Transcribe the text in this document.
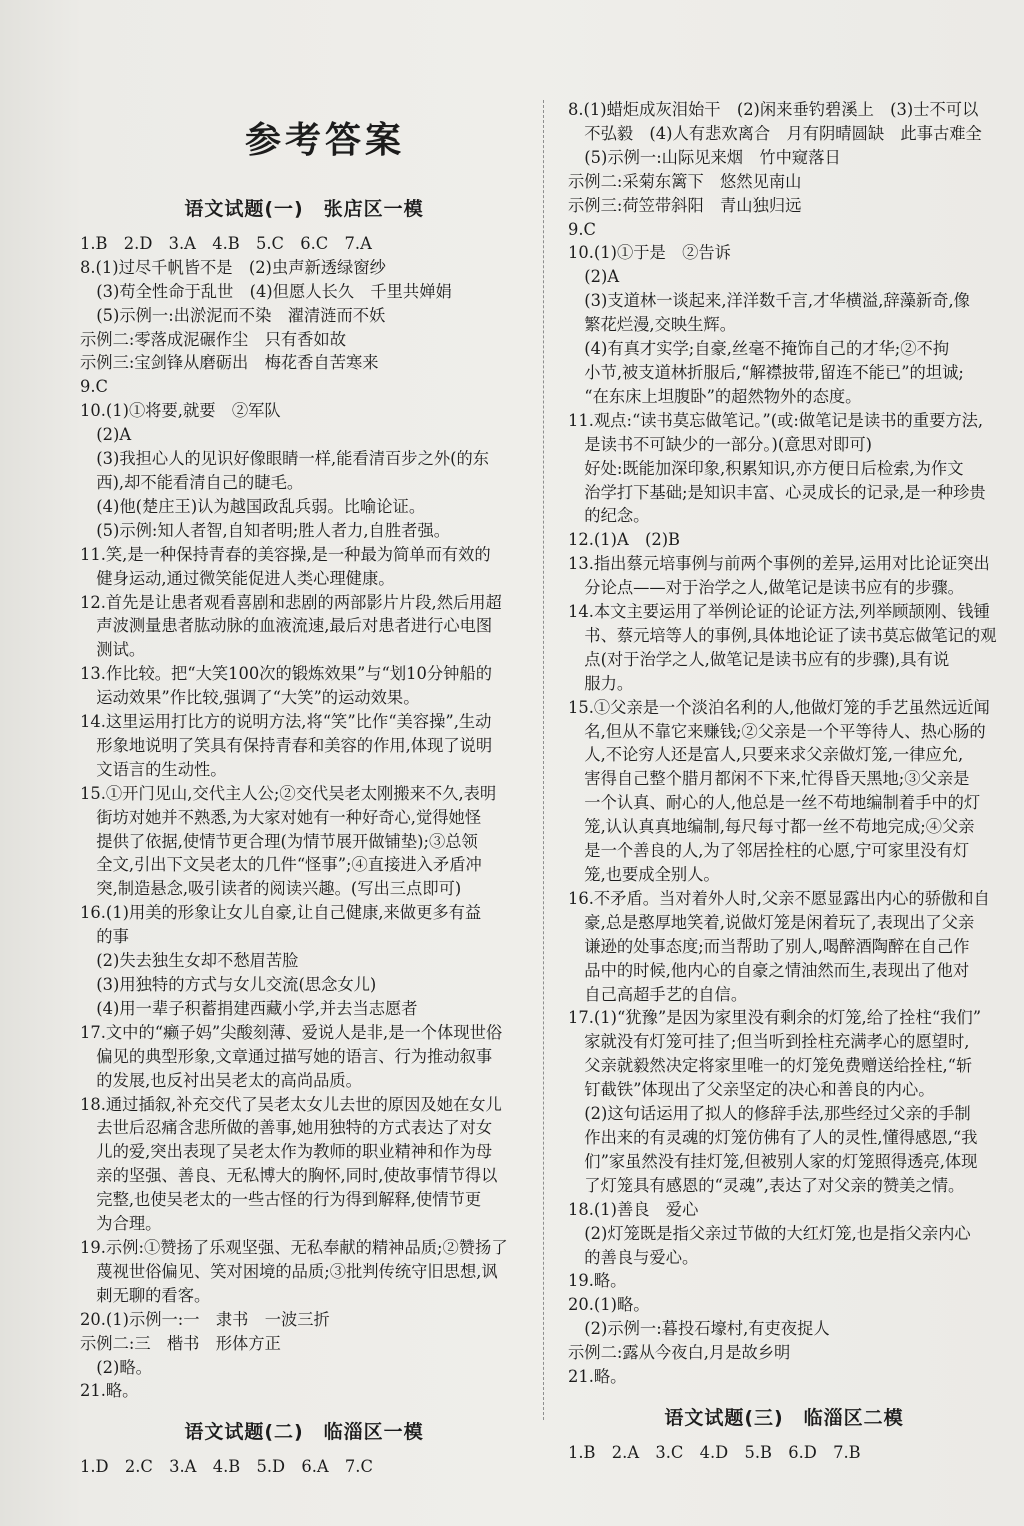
参考答案
语文试题(一)　张店区一模
1.B　2.D　3.A　4.B　5.C　6.C　7.A
8.(1)过尽千帆皆不是　(2)虫声新透绿窗纱
　(3)苟全性命于乱世　(4)但愿人长久　千里共婵娟
　(5)示例一:出淤泥而不染　濯清涟而不妖
示例二:零落成泥碾作尘　只有香如故
示例三:宝剑锋从磨砺出　梅花香自苦寒来
9.C
10.(1)①将要,就要　②军队
　(2)A
　(3)我担心人的见识好像眼睛一样,能看清百步之外(的东
　西),却不能看清自己的睫毛。
　(4)他(楚庄王)认为越国政乱兵弱。比喻论证。
　(5)示例:知人者智,自知者明;胜人者力,自胜者强。
11.笑,是一种保持青春的美容操,是一种最为简单而有效的
　健身运动,通过微笑能促进人类心理健康。
12.首先是让患者观看喜剧和悲剧的两部影片片段,然后用超
　声波测量患者肱动脉的血液流速,最后对患者进行心电图
　测试。
13.作比较。把“大笑100次的锻炼效果”与“划10分钟船的
　运动效果”作比较,强调了“大笑”的运动效果。
14.这里运用打比方的说明方法,将“笑”比作“美容操”,生动
　形象地说明了笑具有保持青春和美容的作用,体现了说明
　文语言的生动性。
15.①开门见山,交代主人公;②交代吴老太刚搬来不久,表明
　街坊对她并不熟悉,为大家对她有一种好奇心,觉得她怪
　提供了依据,使情节更合理(为情节展开做铺垫);③总领
　全文,引出下文吴老太的几件“怪事”;④直接进入矛盾冲
　突,制造悬念,吸引读者的阅读兴趣。(写出三点即可)
16.(1)用美的形象让女儿自豪,让自己健康,来做更多有益
　的事
　(2)失去独生女却不愁眉苦脸
　(3)用独特的方式与女儿交流(思念女儿)
　(4)用一辈子积蓄捐建西藏小学,并去当志愿者
17.文中的“癞子妈”尖酸刻薄、爱说人是非,是一个体现世俗
　偏见的典型形象,文章通过描写她的语言、行为推动叙事
　的发展,也反衬出吴老太的高尚品质。
18.通过插叙,补充交代了吴老太女儿去世的原因及她在女儿
　去世后忍痛含悲所做的善事,她用独特的方式表达了对女
　儿的爱,突出表现了吴老太作为教师的职业精神和作为母
　亲的坚强、善良、无私博大的胸怀,同时,使故事情节得以
　完整,也使吴老太的一些古怪的行为得到解释,使情节更
　为合理。
19.示例:①赞扬了乐观坚强、无私奉献的精神品质;②赞扬了
　蔑视世俗偏见、笑对困境的品质;③批判传统守旧思想,讽
　刺无聊的看客。
20.(1)示例一:一　隶书　一波三折
示例二:三　楷书　形体方正
　(2)略。
21.略。
语文试题(二)　临淄区一模
1.D　2.C　3.A　4.B　5.D　6.A　7.C
8.(1)蜡炬成灰泪始干　(2)闲来垂钓碧溪上　(3)士不可以
　不弘毅　(4)人有悲欢离合　月有阴晴圆缺　此事古难全
　(5)示例一:山际见来烟　竹中窥落日
示例二:采菊东篱下　悠然见南山
示例三:荷笠带斜阳　青山独归远
9.C
10.(1)①于是　②告诉
　(2)A
　(3)支道林一谈起来,洋洋数千言,才华横溢,辞藻新奇,像
　繁花烂漫,交映生辉。
　(4)有真才实学;自豪,丝毫不掩饰自己的才华;②不拘
　小节,被支道林折服后,“解襟披带,留连不能已”的坦诚;
　“在东床上坦腹卧”的超然物外的态度。
11.观点:“读书莫忘做笔记。”(或:做笔记是读书的重要方法,
　是读书不可缺少的一部分。)(意思对即可)
　好处:既能加深印象,积累知识,亦方便日后检索,为作文
　治学打下基础;是知识丰富、心灵成长的记录,是一种珍贵
　的纪念。
12.(1)A　(2)B
13.指出蔡元培事例与前两个事例的差异,运用对比论证突出
　分论点——对于治学之人,做笔记是读书应有的步骤。
14.本文主要运用了举例论证的论证方法,列举顾颉刚、钱锺
　书、蔡元培等人的事例,具体地论证了读书莫忘做笔记的观
　点(对于治学之人,做笔记是读书应有的步骤),具有说
　服力。
15.①父亲是一个淡泊名利的人,他做灯笼的手艺虽然远近闻
　名,但从不靠它来赚钱;②父亲是一个平等待人、热心肠的
　人,不论穷人还是富人,只要来求父亲做灯笼,一律应允,
　害得自己整个腊月都闲不下来,忙得昏天黑地;③父亲是
　一个认真、耐心的人,他总是一丝不苟地编制着手中的灯
　笼,认认真真地编制,每尺每寸都一丝不苟地完成;④父亲
　是一个善良的人,为了邻居拴柱的心愿,宁可家里没有灯
　笼,也要成全别人。
16.不矛盾。当对着外人时,父亲不愿显露出内心的骄傲和自
　豪,总是憨厚地笑着,说做灯笼是闲着玩了,表现出了父亲
　谦逊的处事态度;而当帮助了别人,喝醉酒陶醉在自己作
　品中的时候,他内心的自豪之情油然而生,表现出了他对
　自己高超手艺的自信。
17.(1)“犹豫”是因为家里没有剩余的灯笼,给了拴柱“我们”
　家就没有灯笼可挂了;但当听到拴柱充满孝心的愿望时,
　父亲就毅然决定将家里唯一的灯笼免费赠送给拴柱,“斩
　钉截铁”体现出了父亲坚定的决心和善良的内心。
　(2)这句话运用了拟人的修辞手法,那些经过父亲的手制
　作出来的有灵魂的灯笼仿佛有了人的灵性,懂得感恩,“我
　们”家虽然没有挂灯笼,但被别人家的灯笼照得透亮,体现
　了灯笼具有感恩的“灵魂”,表达了对父亲的赞美之情。
18.(1)善良　爱心
　(2)灯笼既是指父亲过节做的大红灯笼,也是指父亲内心
　的善良与爱心。
19.略。
20.(1)略。
　(2)示例一:暮投石壕村,有吏夜捉人
示例二:露从今夜白,月是故乡明
21.略。
语文试题(三)　临淄区二模
1.B　2.A　3.C　4.D　5.B　6.D　7.B
